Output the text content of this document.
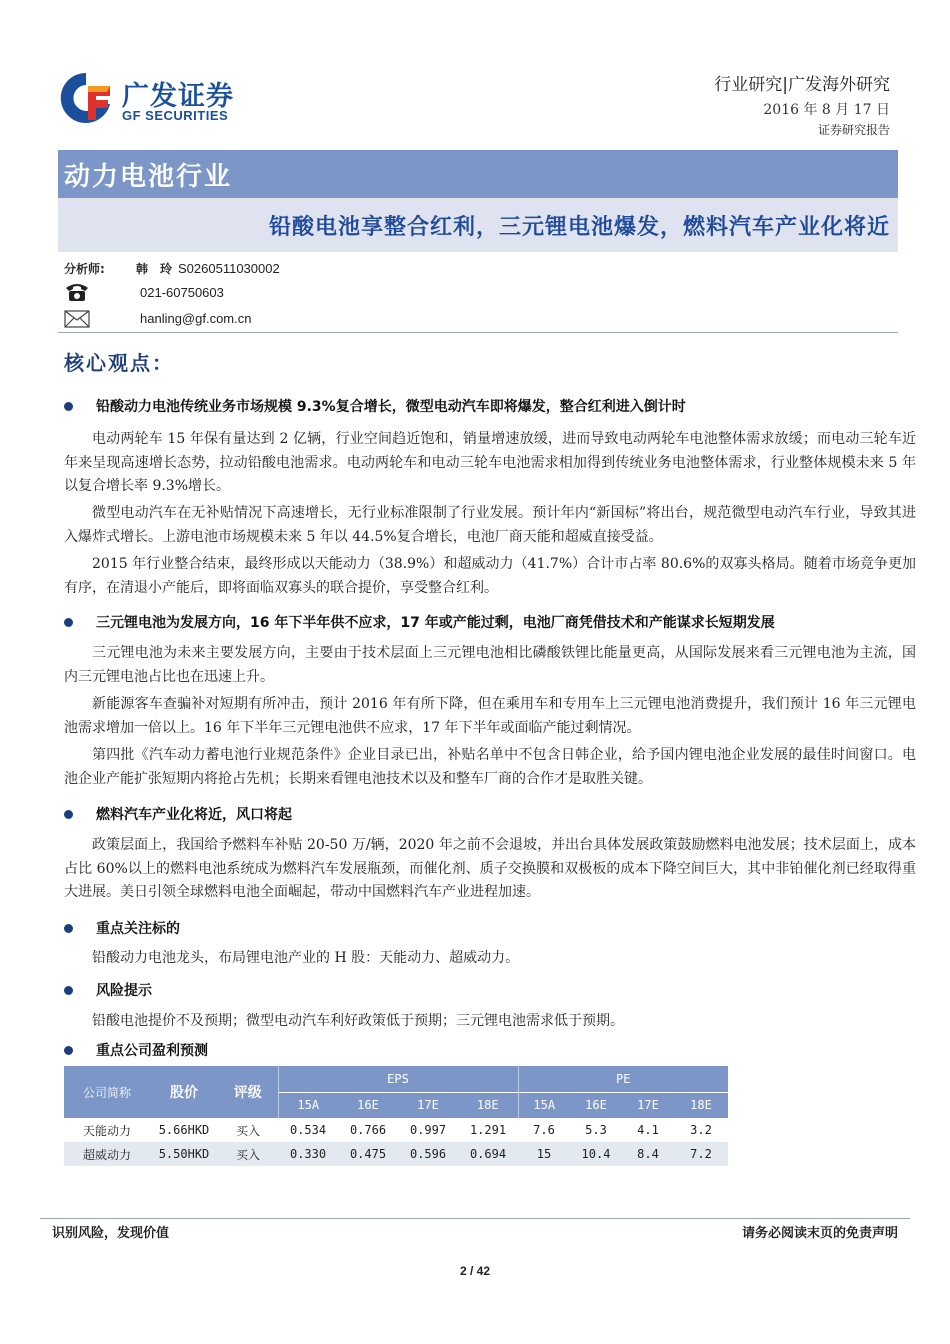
广发证券
GF SECURITIES
行业研究|广发海外研究
2016 年 8 月 17 日
证券研究报告
动力电池行业
铅酸电池享整合红利，三元锂电池爆发，燃料汽车产业化将近
分析师:	韩　玲 S0260511030002
021-60750603
hanling@gf.com.cn
核心观点：
铅酸动力电池传统业务市场规模 9.3%复合增长，微型电动汽车即将爆发，整合红利进入倒计时

电动两轮车 15 年保有量达到 2 亿辆，行业空间趋近饱和，销量增速放缓，进而导致电动两轮车电池整体需求放缓；而电动三轮车近年来呈现高速增长态势，拉动铅酸电池需求。电动两轮车和电动三轮车电池需求相加得到传统业务电池整体需求，行业整体规模未来 5 年以复合增长率 9.3%增长。

微型电动汽车在无补贴情况下高速增长，无行业标准限制了行业发展。预计年内“新国标”将出台，规范微型电动汽车行业，导致其进入爆炸式增长。上游电池市场规模未来 5 年以 44.5%复合增长，电池厂商天能和超威直接受益。

2015 年行业整合结束，最终形成以天能动力（38.9%）和超威动力（41.7%）合计市占率 80.6%的双寡头格局。随着市场竞争更加有序，在清退小产能后，即将面临双寡头的联合提价，享受整合红利。

三元锂电池为发展方向，16 年下半年供不应求，17 年或产能过剩，电池厂商凭借技术和产能谋求长短期发展

三元锂电池为未来主要发展方向，主要由于技术层面上三元锂电池相比磷酸铁锂比能量更高，从国际发展来看三元锂电池为主流，国内三元锂电池占比也在迅速上升。

新能源客车查骗补对短期有所冲击，预计 2016 年有所下降，但在乘用车和专用车上三元锂电池消费提升，我们预计 16 年三元锂电池需求增加一倍以上。16 年下半年三元锂电池供不应求，17 年下半年或面临产能过剩情况。

第四批《汽车动力蓄电池行业规范条件》企业目录已出，补贴名单中不包含日韩企业，给予国内锂电池企业发展的最佳时间窗口。电池企业产能扩张短期内将抢占先机；长期来看锂电池技术以及和整车厂商的合作才是取胜关键。

燃料汽车产业化将近，风口将起

政策层面上，我国给予燃料车补贴 20-50 万/辆，2020 年之前不会退坡，并出台具体发展政策鼓励燃料电池发展；技术层面上，成本占比 60%以上的燃料电池系统成为燃料汽车发展瓶颈，而催化剂、质子交换膜和双极板的成本下降空间巨大，其中非铂催化剂已经取得重大进展。美日引领全球燃料电池全面崛起，带动中国燃料汽车产业进程加速。

重点关注标的

铅酸动力电池龙头，布局锂电池产业的 H 股：天能动力、超威动力。

风险提示

铅酸电池提价不及预期；微型电动汽车利好政策低于预期；三元锂电池需求低于预期。

重点公司盈利预测
公司简称	股价	评级	EPS				PE			
			15A	16E	17E	18E	15A	16E	17E	18E
天能动力	5.66HKD	买入	0.534	0.766	0.997	1.291	7.6	5.3	4.1	3.2
超威动力	5.50HKD	买入	0.330	0.475	0.596	0.694	15	10.4	8.4	7.2
识别风险，发现价值	请务必阅读末页的免责声明
2 / 42
